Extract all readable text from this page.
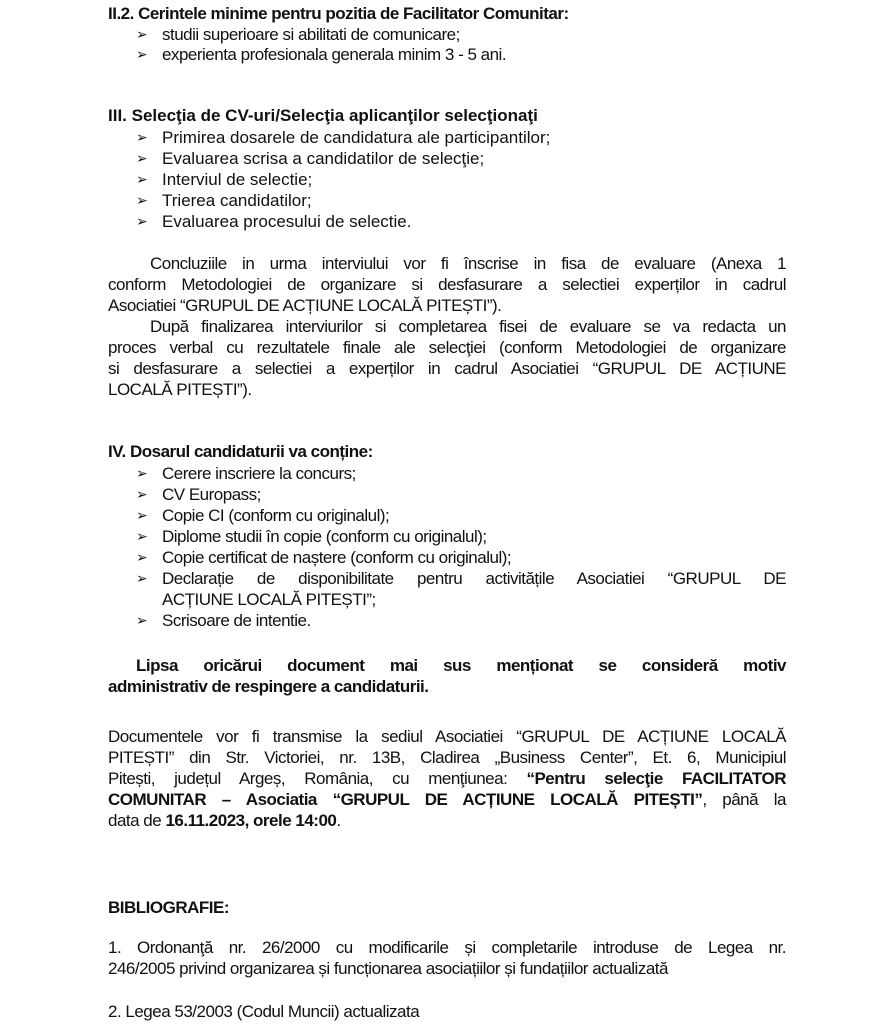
II.2. Cerintele minime pentru pozitia de Facilitator Comunitar:
➢ studii superioare si abilitati de comunicare;
➢ experienta profesionala generala minim 3 - 5 ani.
III. Selecţia de CV-uri/Selecţia aplicanţilor selecţionaţi
➢ Primirea dosarele de candidatura ale participantilor;
➢ Evaluarea scrisa a candidatilor de selecţie;
➢ Interviul de selectie;
➢ Trierea candidatilor;
➢ Evaluarea procesului de selectie.
Concluziile in urma interviului vor fi înscrise in fisa de evaluare (Anexa 1
conform Metodologiei de organizare si desfasurare a selectiei experților in cadrul
Asociatiei “GRUPUL DE ACȚIUNE LOCALĂ PITEȘTI”).
După finalizarea interviurilor si completarea fisei de evaluare se va redacta un
proces verbal cu rezultatele finale ale selecţiei (conform Metodologiei de organizare
si desfasurare a selectiei a experților in cadrul Asociatiei “GRUPUL DE ACȚIUNE
LOCALĂ PITEȘTI”).
IV. Dosarul candidaturii va conține:
➢ Cerere inscriere la concurs;
➢ CV Europass;
➢ Copie CI (conform cu originalul);
➢ Diplome studii în copie (conform cu originalul);
➢ Copie certificat de naștere (conform cu originalul);
➢ Declarație de disponibilitate pentru activitățile Asociatiei “GRUPUL DE
ACȚIUNE LOCALĂ PITEȘTI”;
➢ Scrisoare de intentie.
Lipsa oricărui document mai sus menționat se consideră motiv
administrativ de respingere a candidaturii.
Documentele vor fi transmise la sediul Asociatiei “GRUPUL DE ACȚIUNE LOCALĂ
PITEȘTI” din Str. Victoriei, nr. 13B, Cladirea „Business Center”, Et. 6, Municipiul
Pitești, județul Argeș, România, cu menţiunea: “Pentru selecţie FACILITATOR
COMUNITAR – Asociatia “GRUPUL DE ACȚIUNE LOCALĂ PITEȘTI”, până la
data de 16.11.2023, orele 14:00.
BIBLIOGRAFIE:
1. Ordonanţă nr. 26/2000 cu modificarile și completarile introduse de Legea nr.
246/2005 privind organizarea și funcționarea asociațiilor și fundațiilor actualizată
2. Legea 53/2003 (Codul Muncii) actualizata
